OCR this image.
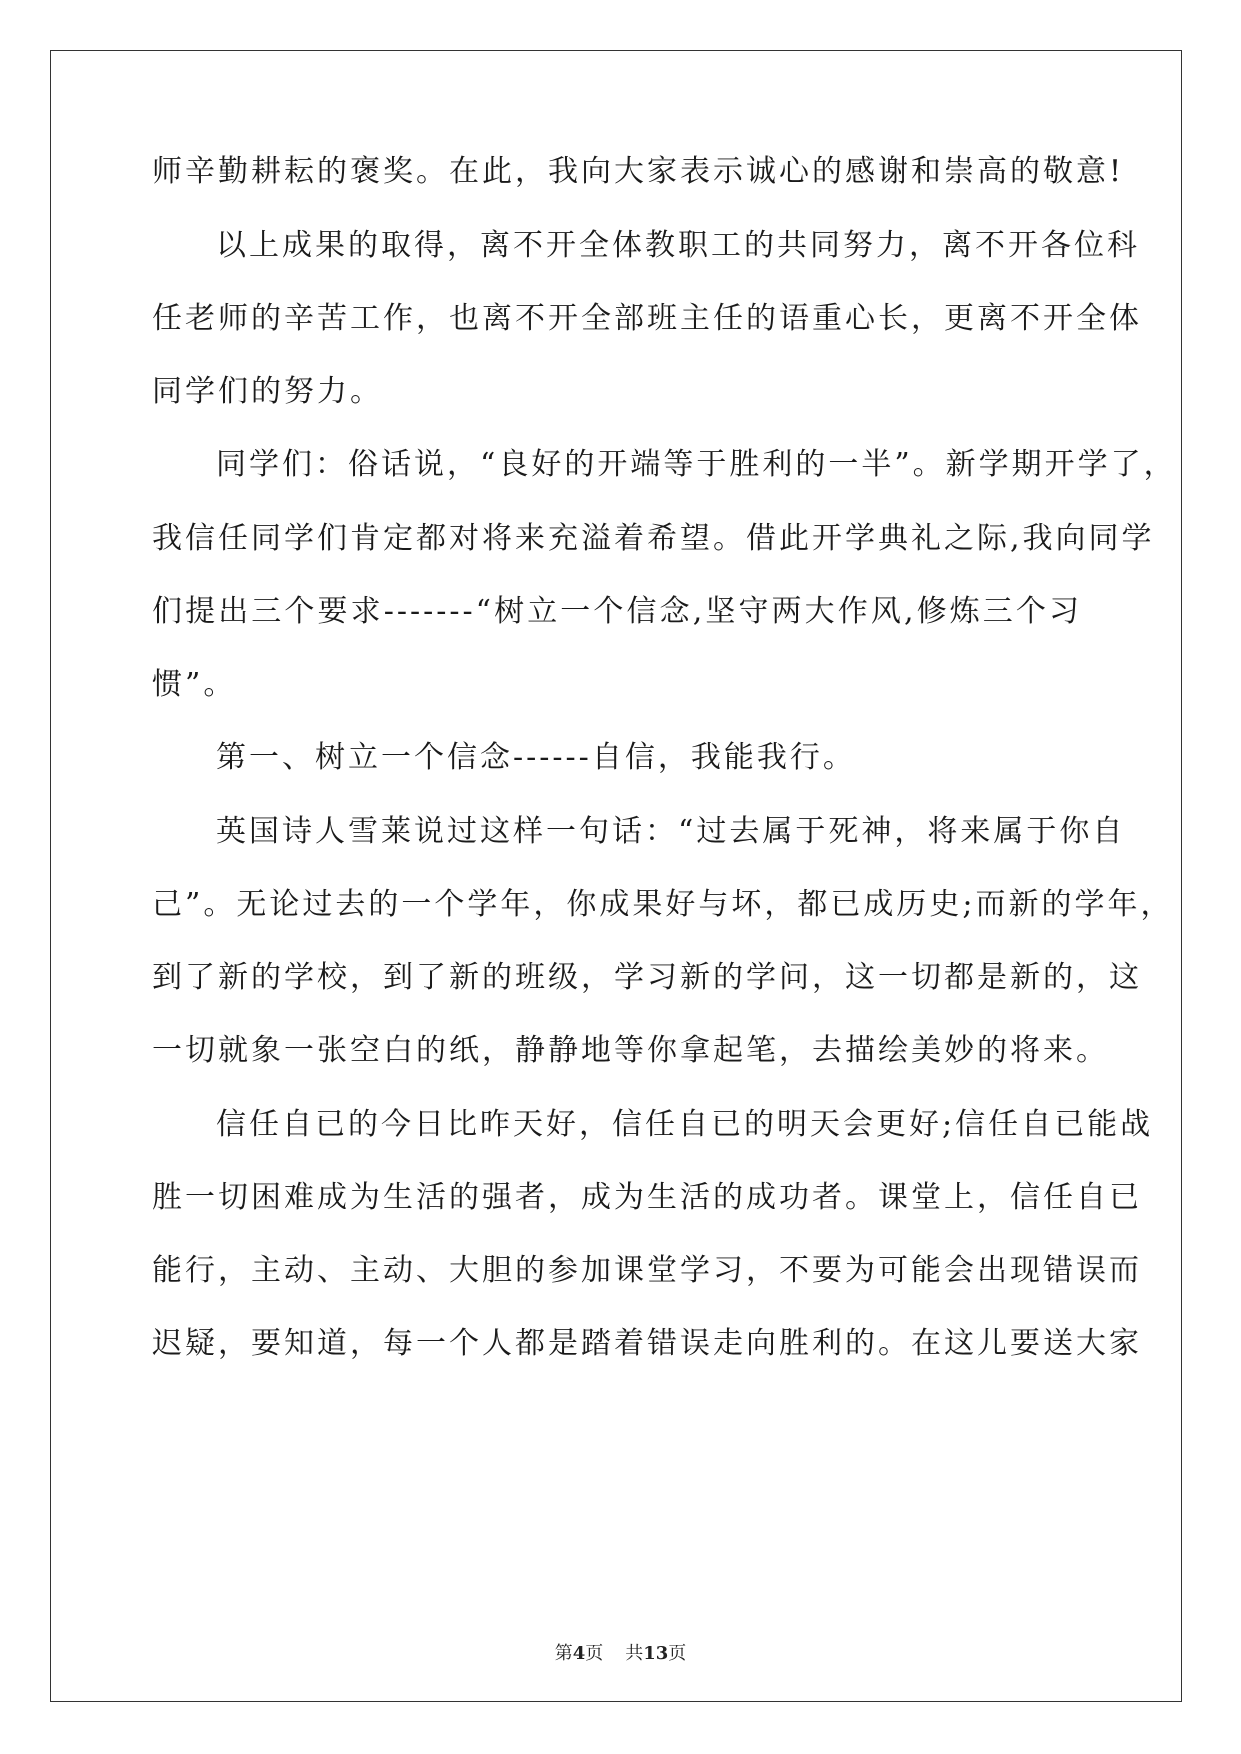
师辛勤耕耘的褒奖。在此，我向大家表示诚心的感谢和崇高的敬意!
以上成果的取得，离不开全体教职工的共同努力，离不开各位科
任老师的辛苦工作，也离不开全部班主任的语重心长，更离不开全体
同学们的努力。
同学们：俗话说，“良好的开端等于胜利的一半”。新学期开学了，
我信任同学们肯定都对将来充溢着希望。借此开学典礼之际,我向同学
们提出三个要求-------“树立一个信念,坚守两大作风,修炼三个习
惯”。
第一、树立一个信念------自信，我能我行。
英国诗人雪莱说过这样一句话：“过去属于死神，将来属于你自
己”。无论过去的一个学年，你成果好与坏，都已成历史;而新的学年，
到了新的学校，到了新的班级，学习新的学问，这一切都是新的，这
一切就象一张空白的纸，静静地等你拿起笔，去描绘美妙的将来。
信任自已的今日比昨天好，信任自已的明天会更好;信任自已能战
胜一切困难成为生活的强者，成为生活的成功者。课堂上，信任自已
能行，主动、主动、大胆的参加课堂学习，不要为可能会出现错误而
迟疑，要知道，每一个人都是踏着错误走向胜利的。在这儿要送大家
第4页 共13页
